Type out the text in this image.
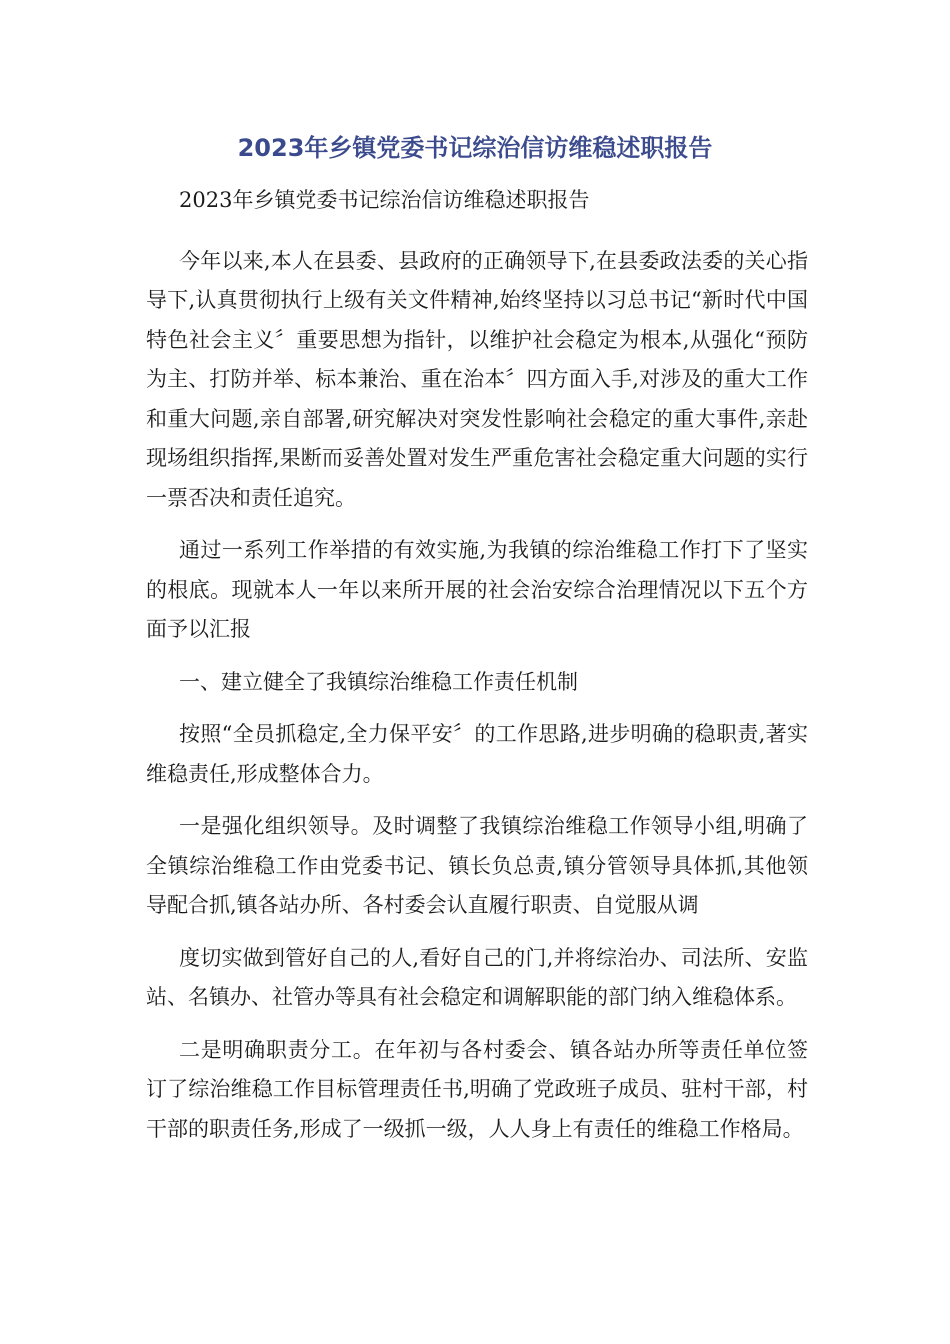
2023年乡镇党委书记综治信访维稳述职报告

2023年乡镇党委书记综治信访维稳述职报告

今年以来,本人在县委、县政府的正确领导下,在县委政法委的关心指导下,认真贯彻执行上级有关文件精神,始终坚持以习总书记“新时代中国特色社会主义〞重要思想为指针，以维护社会稳定为根本,从强化“预防为主、打防并举、标本兼治、重在治本〞四方面入手,对涉及的重大工作和重大问题,亲自部署,研究解决对突发性影响社会稳定的重大事件,亲赴现场组织指挥,果断而妥善处置对发生严重危害社会稳定重大问题的实行一票否决和责任追究。

通过一系列工作举措的有效实施,为我镇的综治维稳工作打下了坚实的根底。现就本人一年以来所开展的社会治安综合治理情况以下五个方面予以汇报

一、建立健全了我镇综治维稳工作责任机制

按照“全员抓稳定,全力保平安〞的工作思路,进步明确的稳职责,著实维稳责任,形成整体合力。

一是强化组织领导。及时调整了我镇综治维稳工作领导小组,明确了全镇综治维稳工作由党委书记、镇长负总责,镇分管领导具体抓,其他领导配合抓,镇各站办所、各村委会认直履行职责、自觉服从调

度切实做到管好自己的人,看好自己的门,并将综治办、司法所、安监站、名镇办、社管办等具有社会稳定和调解职能的部门纳入维稳体系。

二是明确职责分工。在年初与各村委会、镇各站办所等责任单位签订了综治维稳工作目标管理责任书,明确了党政班子成员、驻村干部，村干部的职责任务,形成了一级抓一级，人人身上有责任的维稳工作格局。
